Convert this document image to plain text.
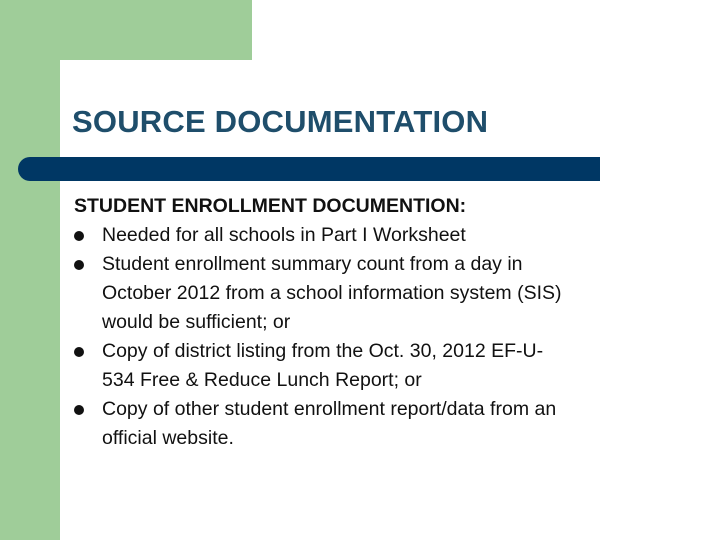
SOURCE DOCUMENTATION

STUDENT ENROLLMENT DOCUMENTION:

Needed for all schools in Part I Worksheet
Student enrollment summary count from a day in
October 2012 from a school information system (SIS)
would be sufficient; or
Copy of district listing from the Oct. 30, 2012 EF-U-
534 Free & Reduce Lunch Report; or
Copy of other student enrollment report/data from an
official website.
